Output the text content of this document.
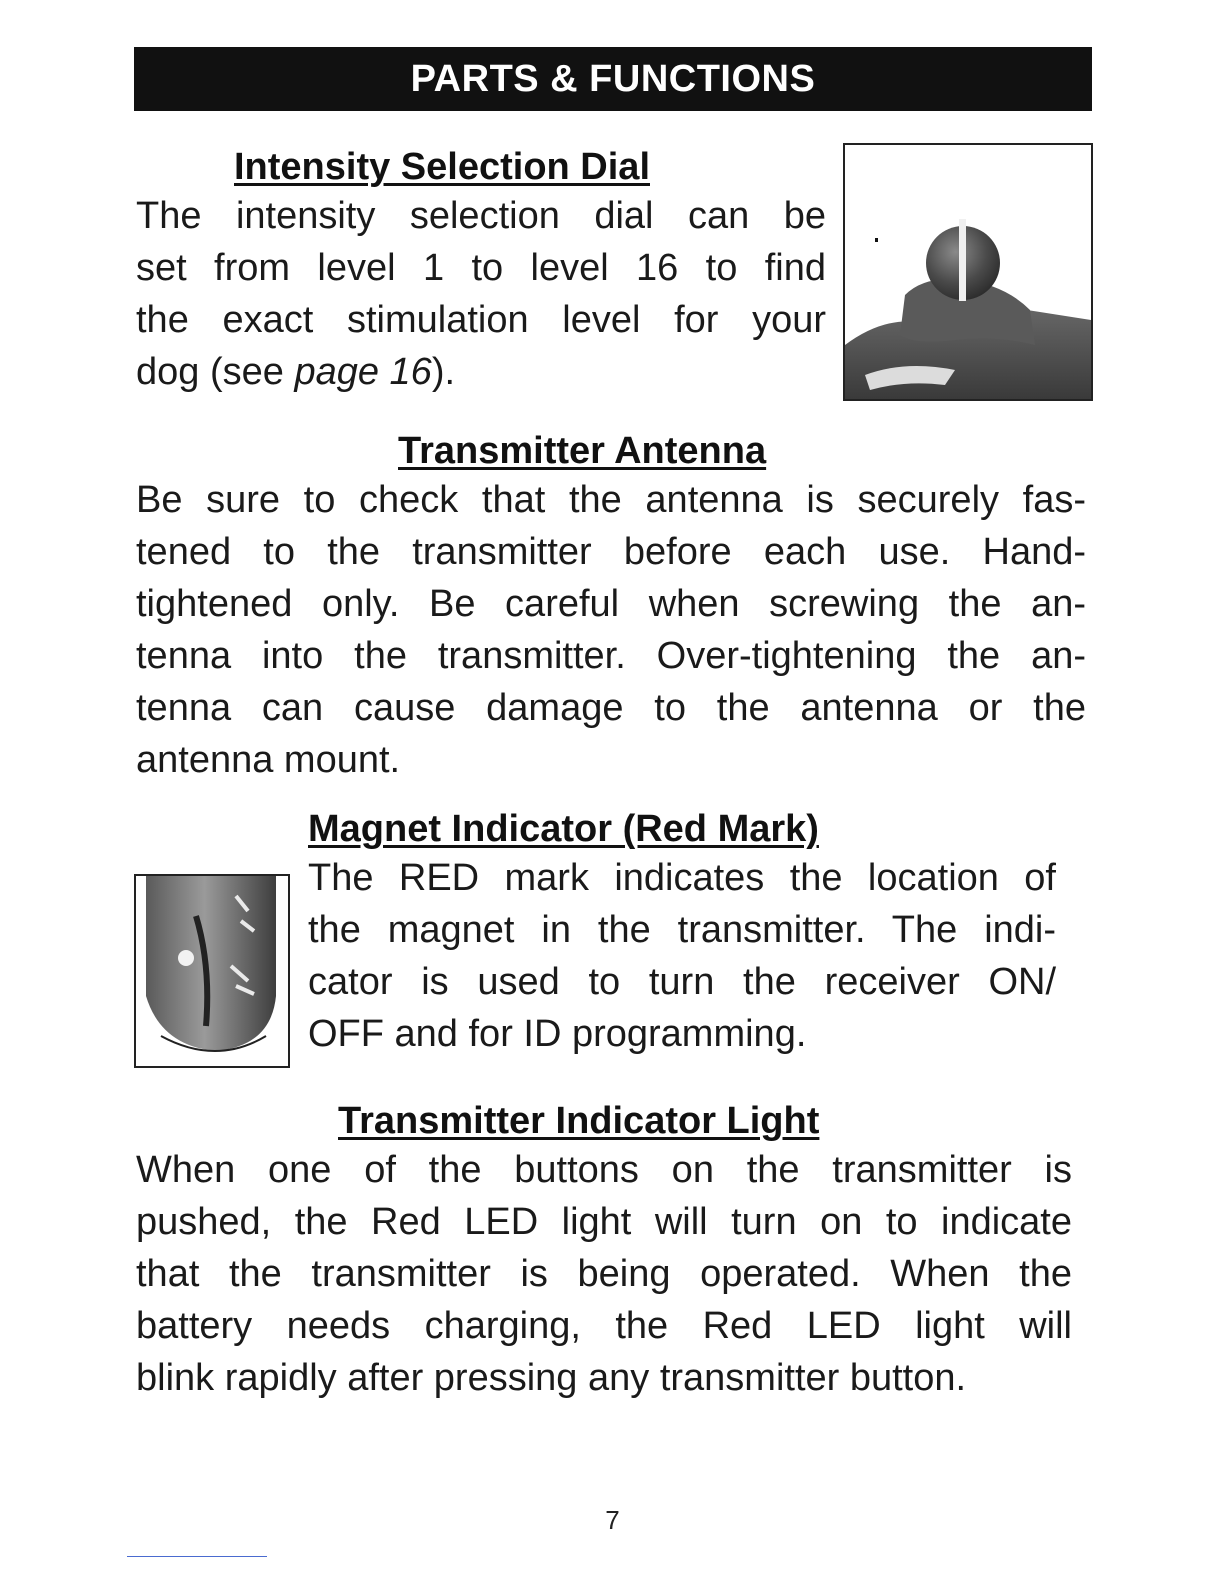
PARTS & FUNCTIONS
Intensity Selection Dial
The intensity selection dial can be
set from level 1 to level 16 to find
the exact stimulation level for your
dog (see page 16).
Transmitter Antenna
Be sure to check that the antenna is securely fas-
tened to the transmitter before each use. Hand-
tightened only. Be careful when screwing the an-
tenna into the transmitter. Over-tightening the an-
tenna can cause damage to the antenna or the
antenna mount.
Magnet Indicator (Red Mark)
The RED mark indicates the location of
the magnet in the transmitter. The indi-
cator is used to turn the receiver ON/
OFF and for ID programming.
Transmitter Indicator Light
When one of the buttons on the transmitter is
pushed, the Red LED light will turn on to indicate
that the transmitter is being operated. When the
battery needs charging, the Red LED light will
blink rapidly after pressing any transmitter button.
7
